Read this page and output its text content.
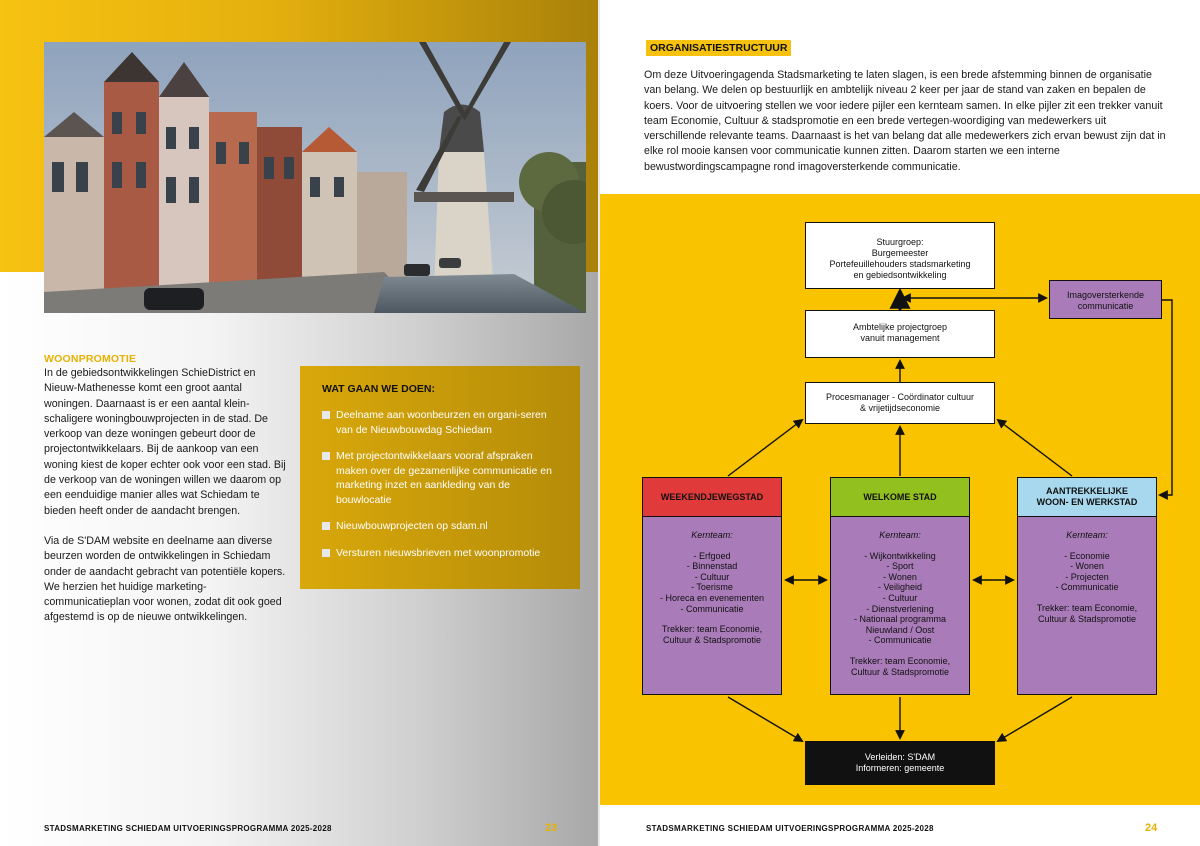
WOONPROMOTIE

In de gebiedsontwikkelingen SchieDistrict en Nieuw-Mathenesse komt een groot aantal woningen. Daarnaast is er een aantal klein-schaligere woningbouwprojecten in de stad. De verkoop van deze woningen gebeurt door de projectontwikkelaars. Bij de aankoop van een woning kiest de koper echter ook voor een stad. Bij de verkoop van de woningen willen we daarom op een eenduidige manier alles wat Schiedam te bieden heeft onder de aandacht brengen.

Via de S'DAM website en deelname aan diverse beurzen worden de ontwikkelingen in Schiedam onder de aandacht gebracht van potentiële kopers. We herzien het huidige marketing-communicatieplan voor wonen, zodat dit ook goed afgestemd is op de nieuwe ontwikkelingen.

WAT GAAN WE DOEN:
Deelname aan woonbeurzen en organi-seren van de Nieuwbouwdag Schiedam
Met projectontwikkelaars vooraf afspraken maken over de gezamenlijke communicatie en marketing inzet en aankleding van de bouwlocatie
Nieuwbouwprojecten op sdam.nl
Versturen nieuwsbrieven met woonpromotie
STADSMARKETING SCHIEDAM UITVOERINGSPROGRAMMA 2025-2028	23
ORGANISATIESTRUCTUUR
Om deze Uitvoeringagenda Stadsmarketing te laten slagen, is een brede afstemming binnen de organisatie van belang. We delen op bestuurlijk en ambtelijk niveau 2 keer per jaar de stand van zaken en bepalen de koers. Voor de uitvoering stellen we voor iedere pijler een kernteam samen. In elke pijler zit een trekker vanuit team Economie, Cultuur & stadspromotie en een brede vertegen-woordiging van medewerkers uit verschillende relevante teams. Daarnaast is het van belang dat alle medewerkers zich ervan bewust zijn dat in elke rol mooie kansen voor communicatie kunnen zitten. Daarom starten we een interne bewustwordingscampagne rond imagoversterkende communicatie.
Stuurgroep:
Burgemeester
Portefeuillehouders stadsmarketing
en gebiedsontwikkeling
Ambtelijke projectgroep
vanuit management
Procesmanager - Coördinator cultuur
& vrijetijdseconomie
Imagoversterkende
communicatie
WEEKENDJEWEGSTAD
Kernteam:
- Erfgoed
- Binnenstad
- Cultuur
- Toerisme
- Horeca en evenementen
- Communicatie
Trekker: team Economie,
Cultuur & Stadspromotie
WELKOME STAD
Kernteam:
- Wijkontwikkeling
- Sport
- Wonen
- Veiligheid
- Cultuur
- Dienstverlening
- Nationaal programma
Nieuwland / Oost
- Communicatie
Trekker: team Economie,
Cultuur & Stadspromotie
AANTREKKELIJKE
WOON- EN WERKSTAD
Kernteam:
- Economie
- Wonen
- Projecten
- Communicatie
Trekker: team Economie,
Cultuur & Stadspromotie
Verleiden: S'DAM
Informeren: gemeente
STADSMARKETING SCHIEDAM UITVOERINGSPROGRAMMA 2025-2028	24
